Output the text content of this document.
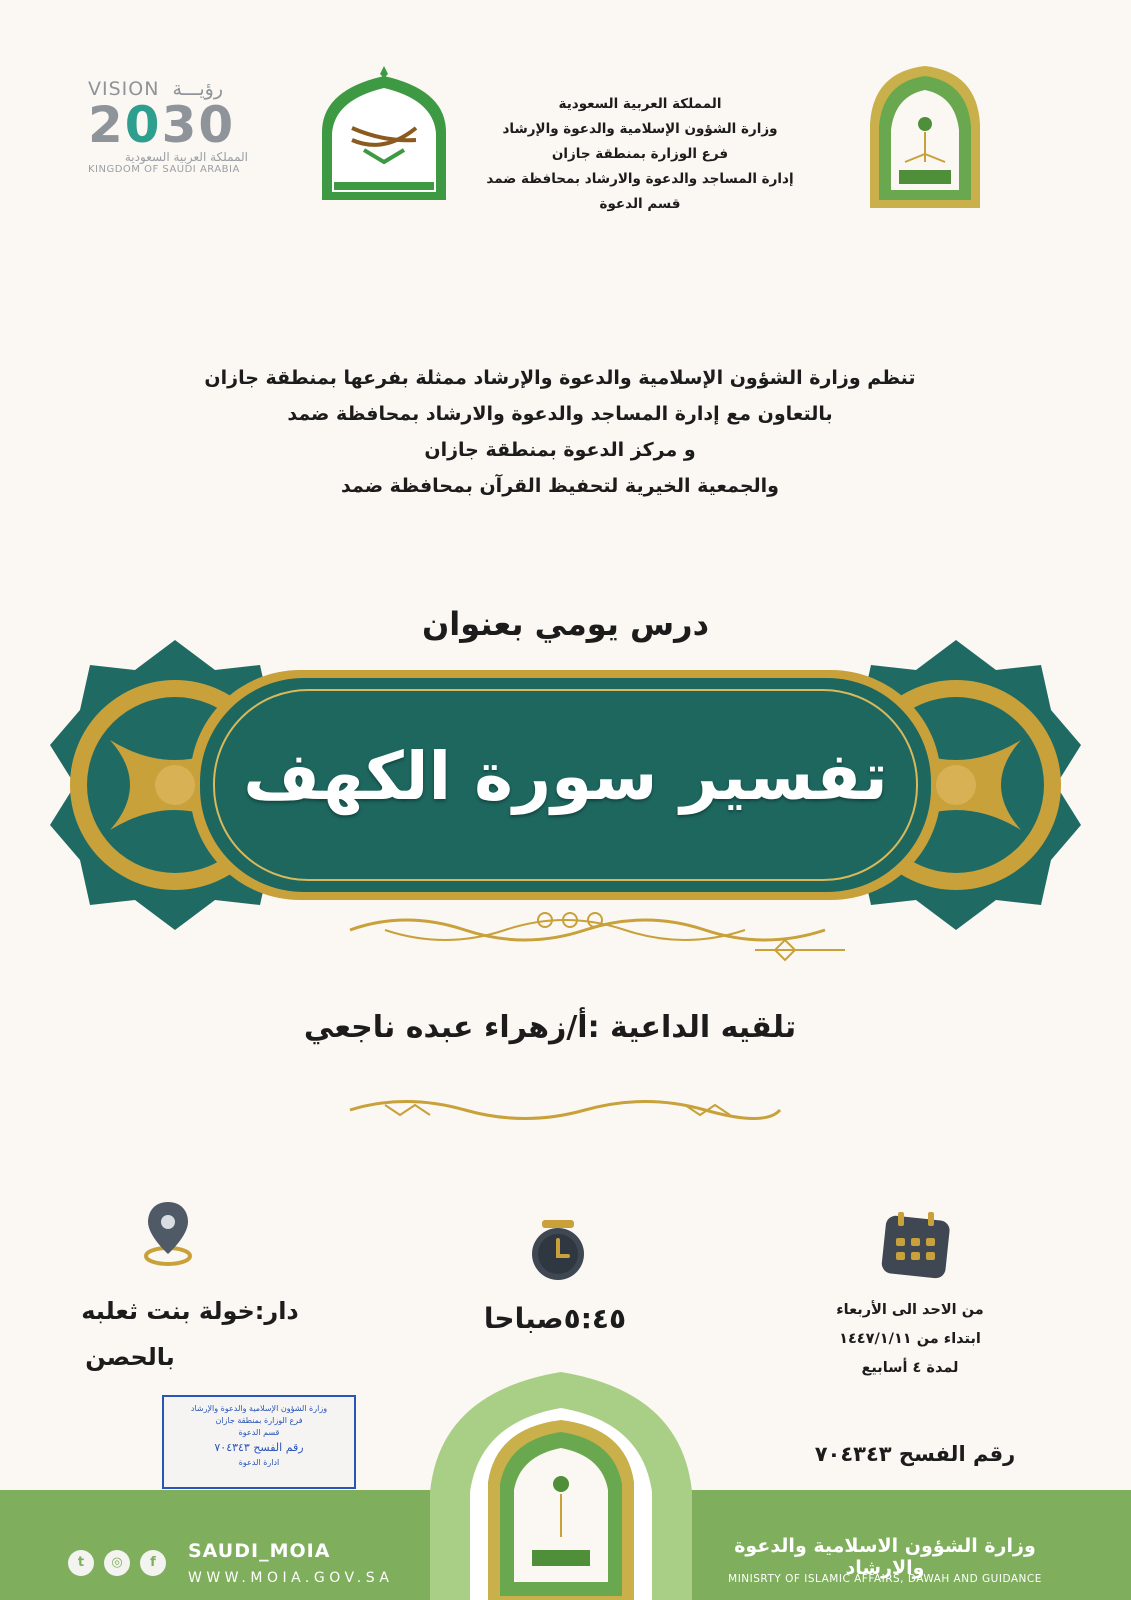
VISION رؤيـــة
2030
المملكة العربية السعودية
KINGDOM OF SAUDI ARABIA
المملكة العربية السعودية
وزارة الشؤون الإسلامية والدعوة والإرشاد
فرع الوزارة بمنطقة جازان
إدارة المساجد والدعوة والارشاد بمحافظة ضمد
قسم الدعوة
تنظم وزارة الشؤون الإسلامية والدعوة والإرشاد ممثلة بفرعها بمنطقة جازان
بالتعاون مع إدارة المساجد والدعوة والارشاد بمحافظة ضمد
و مركز الدعوة بمنطقة جازان
والجمعية الخيرية لتحفيظ القرآن بمحافظة ضمد
درس يومي بعنوان
تفسير سورة الكهف
تلقيه الداعية :أ/زهراء عبده ناجعي
دار:خولة بنت ثعلبه
بالحصن
٥:٤٥صباحا	من الاحد الى الأربعاء
ابتداء من ١٤٤٧/١/١١
لمدة ٤ أسابيع
وزارة الشؤون الإسلامية والدعوة والإرشاد
فرع الوزارة بمنطقة جازان
قسم الدعوة
رقم الفسح ٧٠٤٣٤٣
ادارة الدعوة	رقم الفسح ٧٠٤٣٤٣
t	◎	f
SAUDI_MOIA
WWW.MOIA.GOV.SA
وزارة الشؤون الاسلامية والدعوة والارشاد
MINISRTY OF ISLAMIC AFFAIRS, DAWAH AND GUIDANCE
